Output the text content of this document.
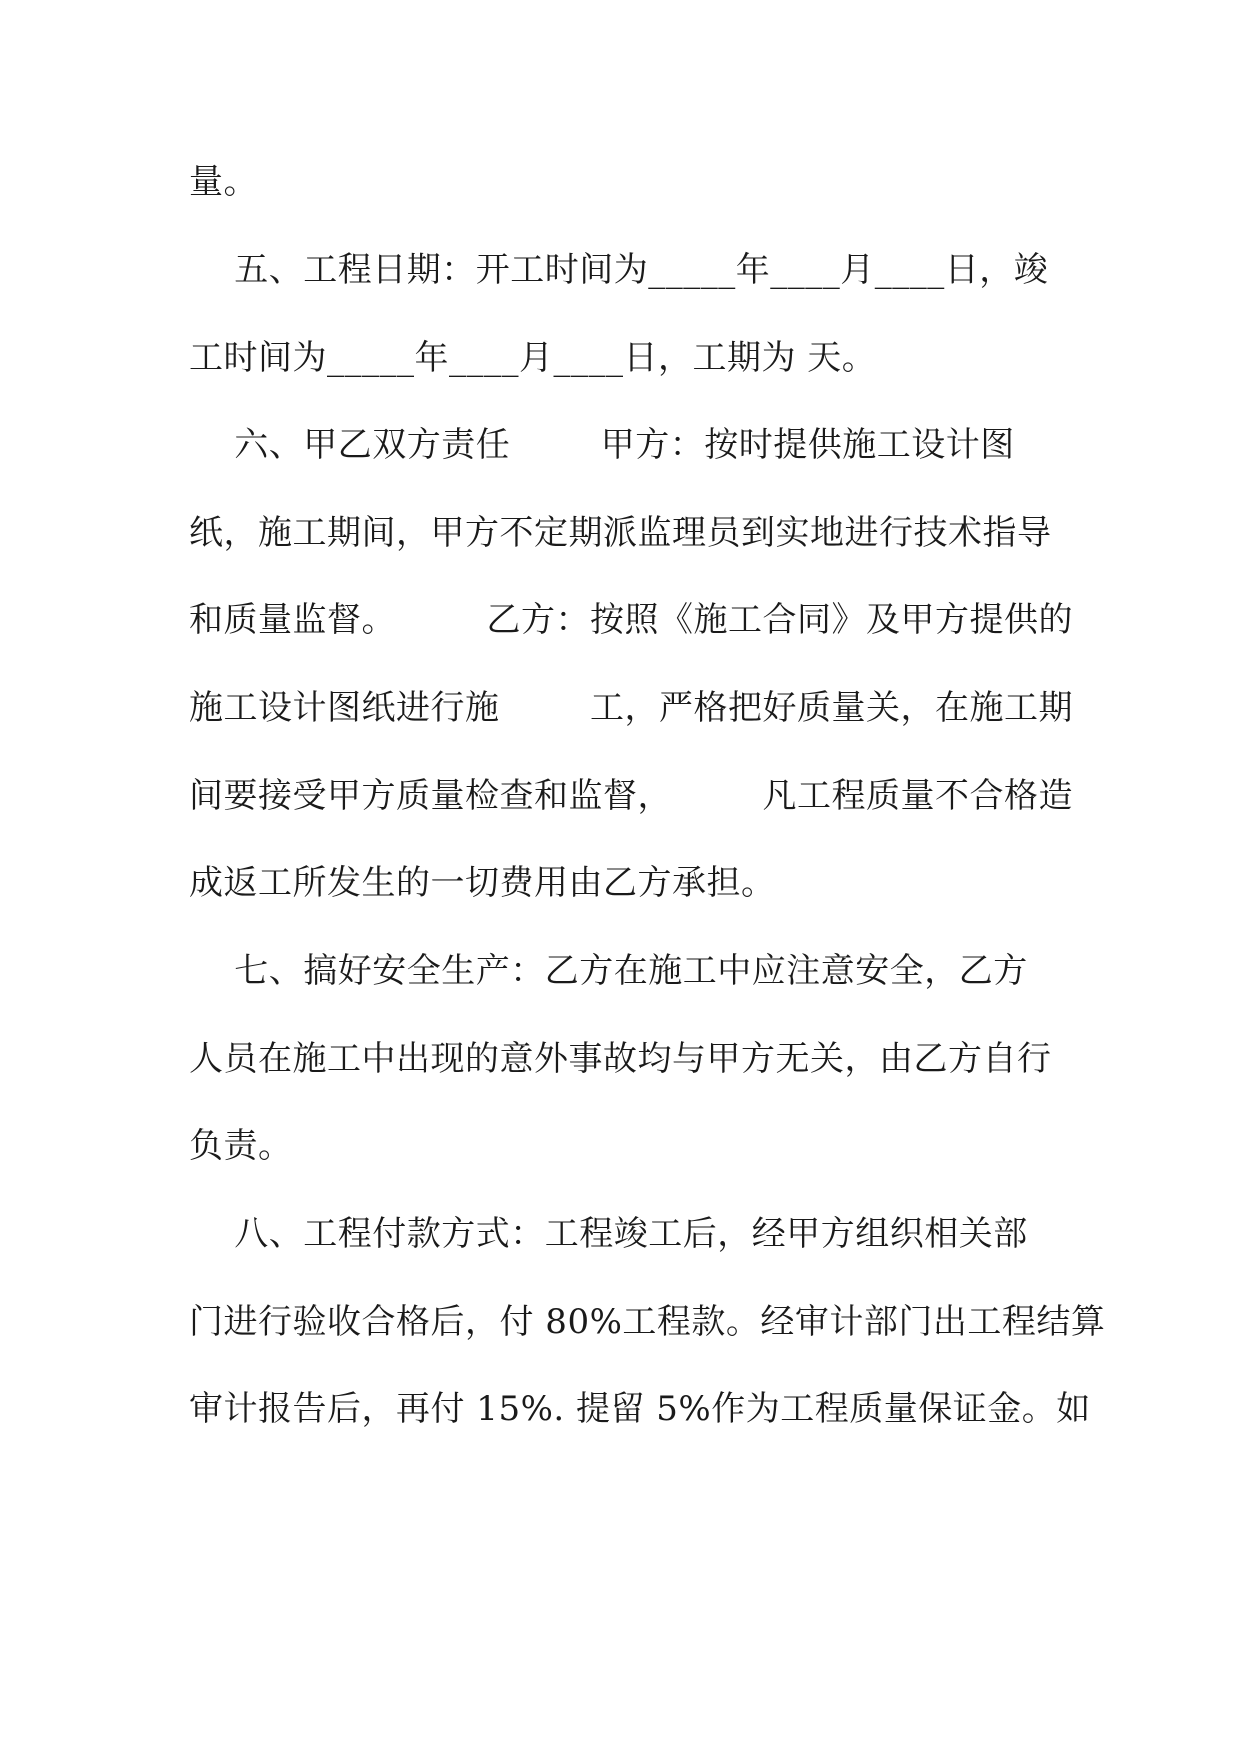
量。
五、工程日期：开工时间为_____年____月____日，竣
工时间为_____年____月____日，工期为 天。
六、甲乙双方责任        甲方：按时提供施工设计图
纸，施工期间，甲方不定期派监理员到实地进行技术指导
和质量监督。        乙方：按照《施工合同》及甲方提供的
施工设计图纸进行施        工，严格把好质量关，在施工期
间要接受甲方质量检查和监督，        凡工程质量不合格造
成返工所发生的一切费用由乙方承担。
七、搞好安全生产：乙方在施工中应注意安全，乙方
人员在施工中出现的意外事故均与甲方无关，由乙方自行
负责。
八、工程付款方式：工程竣工后，经甲方组织相关部
门进行验收合格后，付 80%工程款。经审计部门出工程结算
审计报告后，再付 15%. 提留 5%作为工程质量保证金。如
